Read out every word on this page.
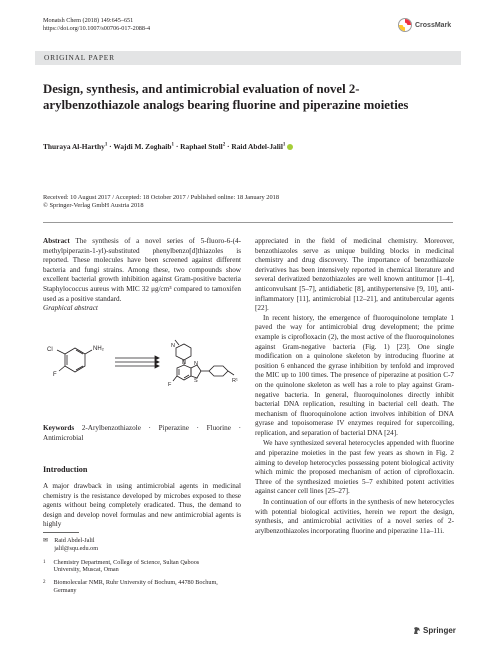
Monatsh Chem (2018) 149:645–651
https://doi.org/10.1007/s00706-017-2088-4	CrossMark
ORIGINAL PAPER
Design, synthesis, and antimicrobial evaluation of novel 2-arylbenzothiazole analogs bearing fluorine and piperazine moieties
Thuraya Al-Harthy$^1$ · Wajdi M. Zoghaib$^1$ · Raphael Stoll$^2$ · Raid Abdel-Jalil$^1$
Received: 10 August 2017 / Accepted: 18 October 2017 / Published online: 18 January 2018
© Springer-Verlag GmbH Austria 2018

Abstract The synthesis of a novel series of 5-fluoro-6-(4-methylpiperazin-1-yl)-substituted phenylbenzo[d]thiazoles is reported. These molecules have been screened against different bacteria and fungi strains. Among these, two compounds show excellent bacterial growth inhibition against Gram-positive bacteria Staphylococcus aureus with MIC 32 μg/cm³ compared to tamoxifen used as a positive standard.

Graphical abstract
Cl	NH₂
F
N
N N
S
F
R¹

Keywords 2-Arylbenzothiazole · Piperazine · Fluorine · Antimicrobial

Introduction
A major drawback in using antimicrobial agents in medicinal chemistry is the resistance developed by microbes exposed to these agents without being completely eradicated. Thus, the demand to design and develop novel formulas and new antimicrobial agents is highly
✉ Raid Abdel-Jalil
jalil@squ.edu.om
1 Chemistry Department, College of Science, Sultan Qaboos University, Muscat, Oman
2 Biomolecular NMR, Ruhr University of Bochum, 44780 Bochum, Germany

appreciated in the field of medicinal chemistry. Moreover, benzothiazoles serve as unique building blocks in medicinal chemistry and drug discovery. The importance of benzothiazole derivatives has been intensively reported in chemical literature and several derivatized benzothiazoles are well known antitumor [1–4], anticonvulsant [5–7], antidiabetic [8], antihypertensive [9, 10], anti-inflammatory [11], antimicrobial [12–21], and antitubercular agents [22].

In recent history, the emergence of fluoroquinolone template 1 paved the way for antimicrobial drug development; the prime example is ciprofloxacin (2), the most active of the fluoroquinolones against Gram-negative bacteria (Fig. 1) [23]. One single modification on a quinolone skeleton by introducing fluorine at position 6 enhanced the gyrase inhibition by tenfold and improved the MIC up to 100 times. The presence of piperazine at position C-7 on the quinolone skeleton as well has a role to play against Gram-negative bacteria. In general, fluoroquinolones directly inhibit bacterial DNA replication, resulting in bacterial cell death. The mechanism of fluoroquinolone action involves inhibition of DNA gyrase and topoisomerase IV enzymes required for supercoiling, replication, and separation of bacterial DNA [24].

We have synthesized several heterocycles appended with fluorine and piperazine moieties in the past few years as shown in Fig. 2 aiming to develop heterocycles possessing potent biological activity which mimic the proposed mechanism of action of ciprofloxacin. Three of the synthesized moieties 5–7 exhibited potent activities against cancer cell lines [25–27].

In continuation of our efforts in the synthesis of new heterocycles with potential biological activities, herein we report the design, synthesis, and antimicrobial activities of a novel series of 2-arylbenzothiazoles incorporating fluorine and piperazine 11a–11i.

Springer
